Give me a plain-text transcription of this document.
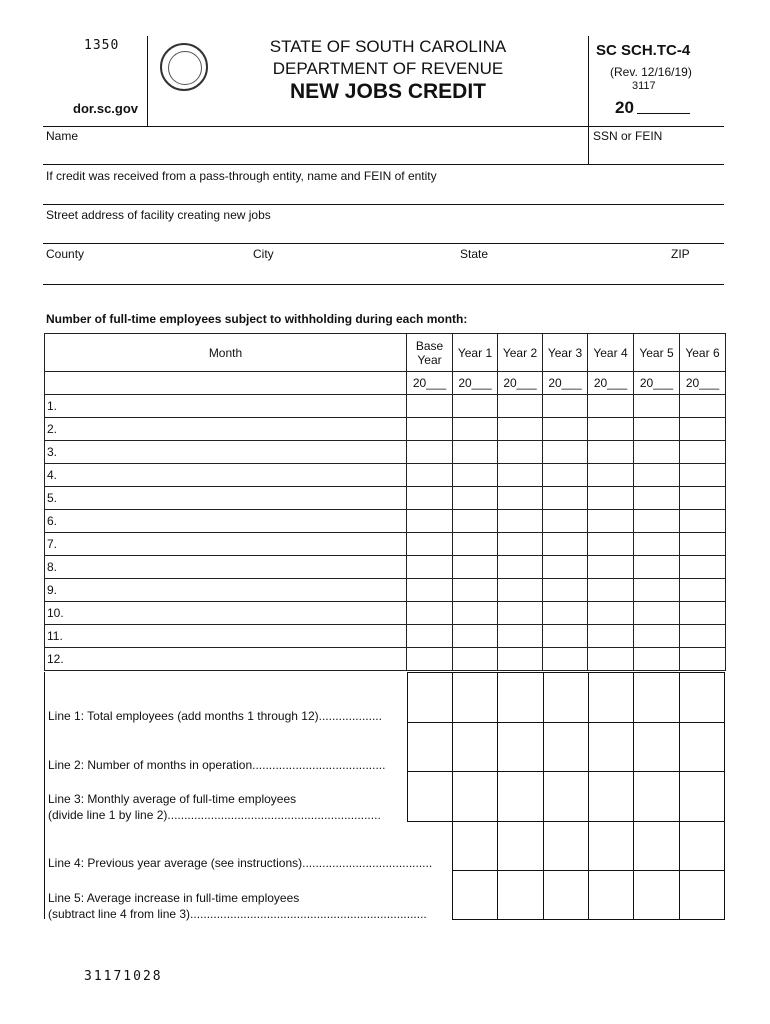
1350
dor.sc.gov
STATE OF SOUTH CAROLINA
DEPARTMENT OF REVENUE
NEW JOBS CREDIT
SC SCH.TC-4
(Rev. 12/16/19)
3117
20
Name	SSN or FEIN
If credit was received from a pass-through entity, name and FEIN of entity
Street address of facility creating new jobs
County	City	State	ZIP
Number of full-time employees subject to withholding during each month:
Month	Base Year	Year 1	Year 2	Year 3	Year 4	Year 5	Year 6
	20___	20___	20___	20___	20___	20___	20___
1.							
2.							
3.							
4.							
5.							
6.							
7.							
8.							
9.							
10.							
11.							
12.							
Line 1: Total employees (add months 1 through 12)...................
Line 2: Number of months in operation........................................
Line 3: Monthly average of full-time employees
(divide line 1 by line 2)................................................................
Line 4: Previous year average (see instructions).......................................
Line 5: Average increase in full-time employees
(subtract line 4 from line 3).......................................................................
31171028
